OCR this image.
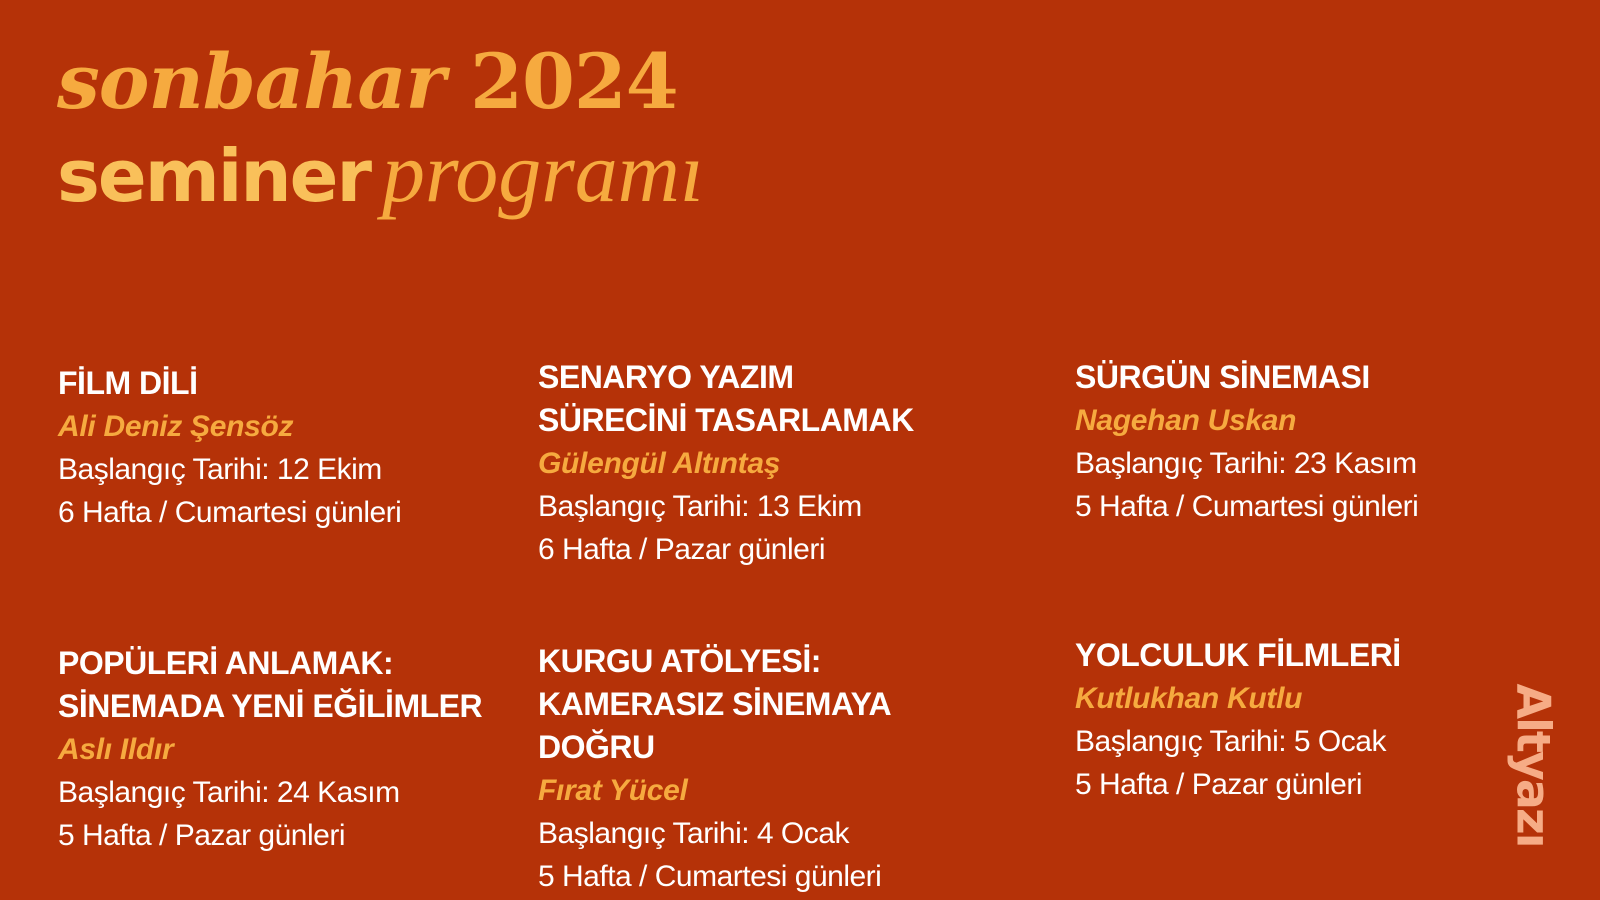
sonbahar 2024
seminer programı
FİLM DİLİ
Ali Deniz Şensöz
Başlangıç Tarihi: 12 Ekim
6 Hafta / Cumartesi günleri
SENARYO YAZIM
SÜRECİNİ TASARLAMAK
Gülengül Altıntaş
Başlangıç Tarihi: 13 Ekim
6 Hafta / Pazar günleri
SÜRGÜN SİNEMASI
Nagehan Uskan
Başlangıç Tarihi: 23 Kasım
5 Hafta / Cumartesi günleri
POPÜLERİ ANLAMAK:
SİNEMADA YENİ EĞİLİMLER
Aslı Ildır
Başlangıç Tarihi: 24 Kasım
5 Hafta / Pazar günleri
KURGU ATÖLYESİ:
KAMERASIZ SİNEMAYA DOĞRU
Fırat Yücel
Başlangıç Tarihi: 4 Ocak
5 Hafta / Cumartesi günleri
YOLCULUK FİLMLERİ
Kutlukhan Kutlu
Başlangıç Tarihi: 5 Ocak
5 Hafta / Pazar günleri	Altyazı
